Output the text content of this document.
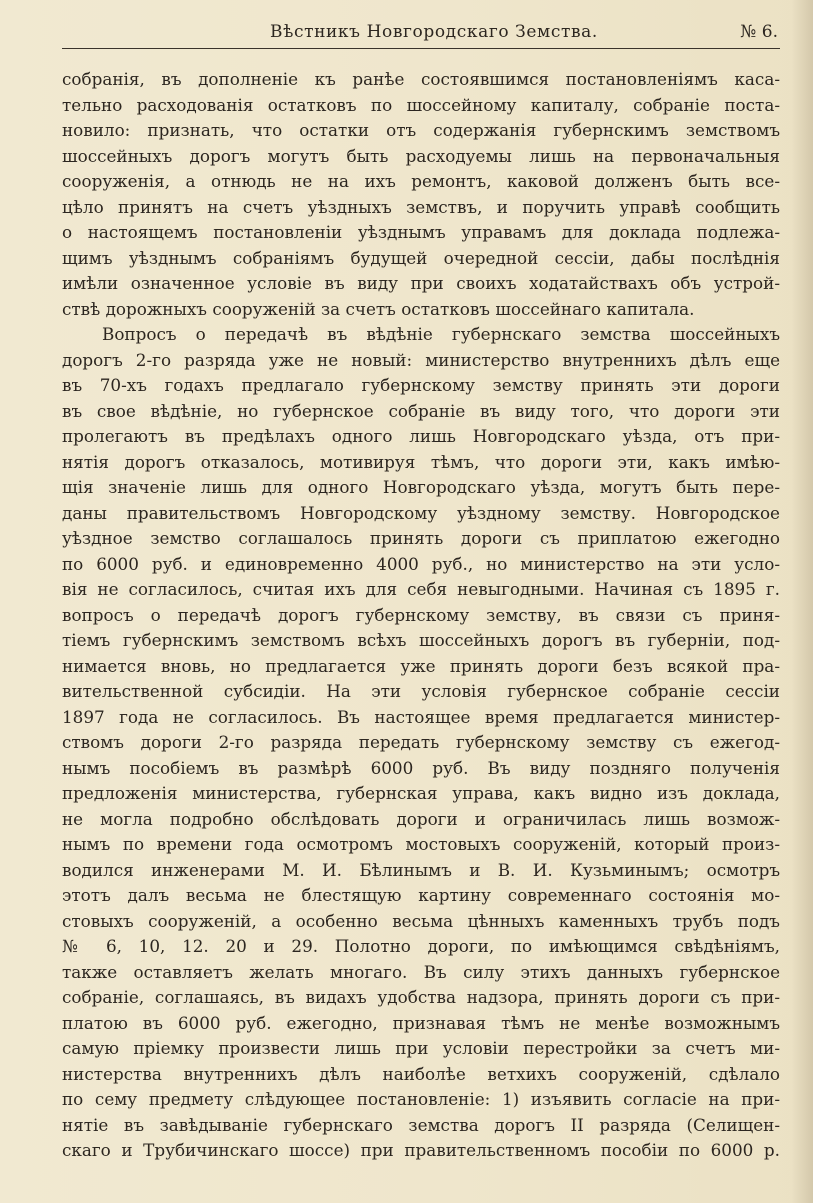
Вѣстникъ Новгородскаго Земства.	№ 6.
собранія, въ дополненіе къ ранѣе состоявшимся постановленіямъ каса-
тельно расходованія остатковъ по шоссейному капиталу, собраніе поста-
новило: признать, что остатки отъ содержанія губернскимъ земствомъ
шоссейныхъ дорогъ могутъ быть расходуемы лишь на первоначальныя
сооруженія, а отнюдь не на ихъ ремонтъ, каковой долженъ быть все-
цѣло принятъ на счетъ уѣздныхъ земствъ, и поручить управѣ сообщить
о настоящемъ постановленіи уѣзднымъ управамъ для доклада подлежа-
щимъ уѣзднымъ собраніямъ будущей очередной сессіи, дабы послѣднія
имѣли означенное условіе въ виду при своихъ ходатайствахъ объ устрой-
ствѣ дорожныхъ сооруженій за счетъ остатковъ шоссейнаго капитала.
Вопросъ о передачѣ въ вѣдѣніе губернскаго земства шоссейныхъ
дорогъ 2-го разряда уже не новый: министерство внутреннихъ дѣлъ еще
въ 70-хъ годахъ предлагало губернскому земству принять эти дороги
въ свое вѣдѣніе, но губернское собраніе въ виду того, что дороги эти
пролегаютъ въ предѣлахъ одного лишь Новгородскаго уѣзда, отъ при-
нятія дорогъ отказалось, мотивируя тѣмъ, что дороги эти, какъ имѣю-
щія значеніе лишь для одного Новгородскаго уѣзда, могутъ быть пере-
даны правительствомъ Новгородскому уѣздному земству. Новгородское
уѣздное земство соглашалось принять дороги съ приплатою ежегодно
по 6000 руб. и единовременно 4000 руб., но министерство на эти усло-
вія не согласилось, считая ихъ для себя невыгодными. Начиная съ 1895 г.
вопросъ о передачѣ дорогъ губернскому земству, въ связи съ приня-
тіемъ губернскимъ земствомъ всѣхъ шоссейныхъ дорогъ въ губерніи, под-
нимается вновь, но предлагается уже принять дороги безъ всякой пра-
вительственной субсидіи. На эти условія губернское собраніе сессіи
1897 года не согласилось. Въ настоящее время предлагается министер-
ствомъ дороги 2-го разряда передать губернскому земству съ ежегод-
нымъ пособіемъ въ размѣрѣ 6000 руб. Въ виду поздняго полученія
предложенія министерства, губернская управа, какъ видно изъ доклада,
не могла подробно обслѣдовать дороги и ограничилась лишь возмож-
нымъ по времени года осмотромъ мостовыхъ сооруженій, который произ-
водился инженерами М. И. Бѣлинымъ и В. И. Кузьминымъ; осмотръ
этотъ далъ весьма не блестящую картину современнаго состоянія мо-
стовыхъ сооруженій, а особенно весьма цѣнныхъ каменныхъ трубъ подъ
№ 6, 10, 12. 20 и 29. Полотно дороги, по имѣющимся свѣдѣніямъ,
также оставляетъ желать многаго. Въ силу этихъ данныхъ губернское
собраніе, соглашаясь, въ видахъ удобства надзора, принять дороги съ при-
платою въ 6000 руб. ежегодно, признавая тѣмъ не менѣе возможнымъ
самую пріемку произвести лишь при условіи перестройки за счетъ ми-
нистерства внутреннихъ дѣлъ наиболѣе ветхихъ сооруженій, сдѣлало
по сему предмету слѣдующее постановленіе: 1) изъявить согласіе на при-
нятіе въ завѣдываніе губернскаго земства дорогъ II разряда (Селищен-
скаго и Трубичинскаго шоссе) при правительственномъ пособіи по 6000 р.
